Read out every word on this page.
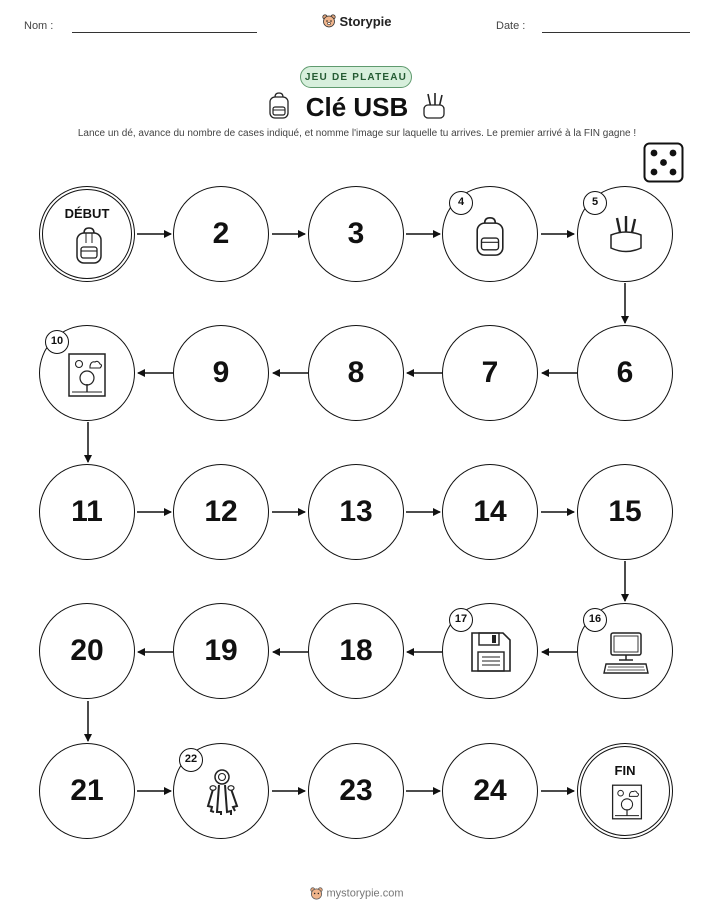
Nom :	Date :
Storypie
JEU DE PLATEAU
Clé USB
Lance un dé, avance du nombre de cases indiqué, et nomme l'image sur laquelle tu arrives. Le premier arrivé à la FIN gagne !
DÉBUT
2	3
4	5
6
7
8
9
10
11	12	13	14	15
16
17
18
19
20
21
22
23	24
FIN
mystorypie.com
